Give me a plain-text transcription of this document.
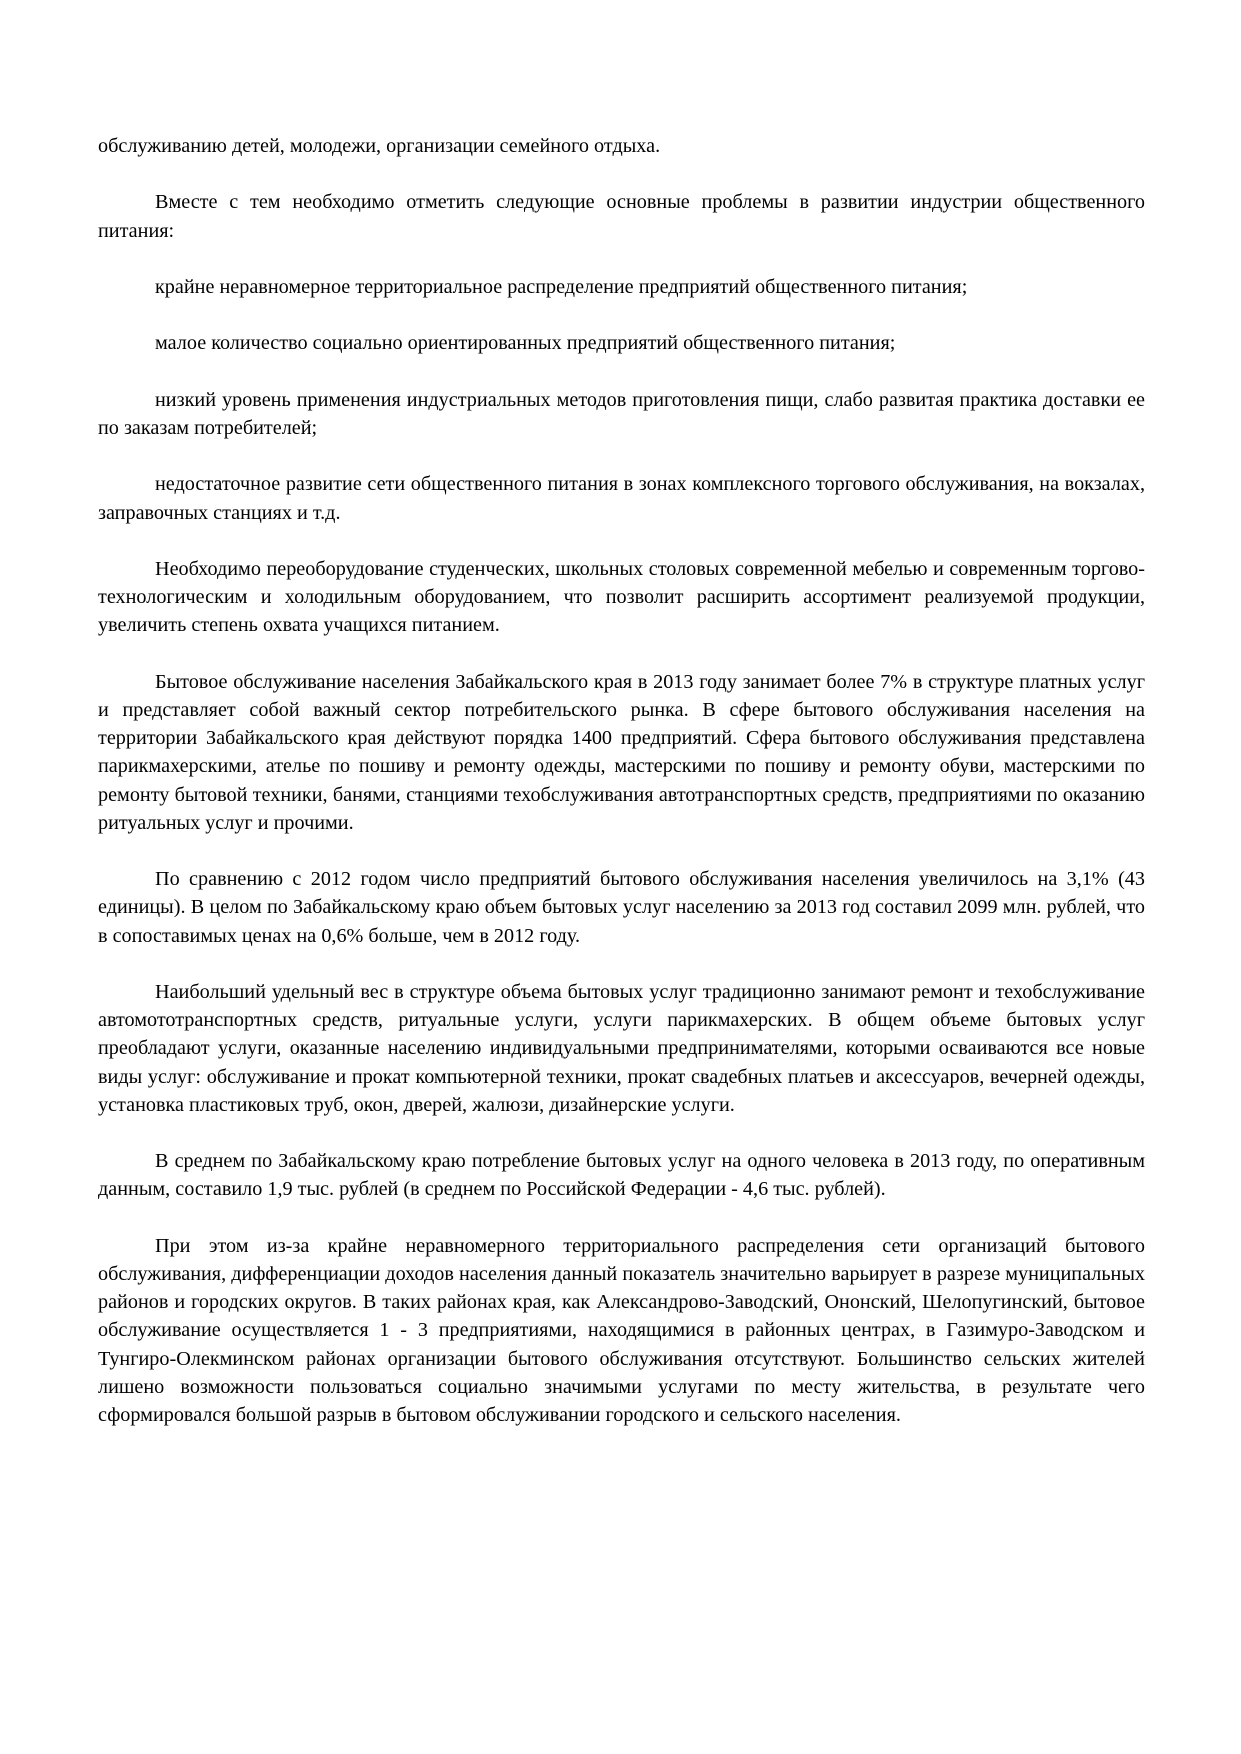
обслуживанию детей, молодежи, организации семейного отдыха.

Вместе с тем необходимо отметить следующие основные проблемы в развитии индустрии общественного питания:

крайне неравномерное территориальное распределение предприятий общественного питания;

малое количество социально ориентированных предприятий общественного питания;

низкий уровень применения индустриальных методов приготовления пищи, слабо развитая практика доставки ее по заказам потребителей;

недостаточное развитие сети общественного питания в зонах комплексного торгового обслуживания, на вокзалах, заправочных станциях и т.д.

Необходимо переоборудование студенческих, школьных столовых современной мебелью и современным торгово-технологическим и холодильным оборудованием, что позволит расширить ассортимент реализуемой продукции, увеличить степень охвата учащихся питанием.

Бытовое обслуживание населения Забайкальского края в 2013 году занимает более 7% в структуре платных услуг и представляет собой важный сектор потребительского рынка. В сфере бытового обслуживания населения на территории Забайкальского края действуют порядка 1400 предприятий. Сфера бытового обслуживания представлена парикмахерскими, ателье по пошиву и ремонту одежды, мастерскими по пошиву и ремонту обуви, мастерскими по ремонту бытовой техники, банями, станциями техобслуживания автотранспортных средств, предприятиями по оказанию ритуальных услуг и прочими.

По сравнению с 2012 годом число предприятий бытового обслуживания населения увеличилось на 3,1% (43 единицы). В целом по Забайкальскому краю объем бытовых услуг населению за 2013 год составил 2099 млн. рублей, что в сопоставимых ценах на 0,6% больше, чем в 2012 году.

Наибольший удельный вес в структуре объема бытовых услуг традиционно занимают ремонт и техобслуживание автомототранспортных средств, ритуальные услуги, услуги парикмахерских. В общем объеме бытовых услуг преобладают услуги, оказанные населению индивидуальными предпринимателями, которыми осваиваются все новые виды услуг: обслуживание и прокат компьютерной техники, прокат свадебных платьев и аксессуаров, вечерней одежды, установка пластиковых труб, окон, дверей, жалюзи, дизайнерские услуги.

В среднем по Забайкальскому краю потребление бытовых услуг на одного человека в 2013 году, по оперативным данным, составило 1,9 тыс. рублей (в среднем по Российской Федерации - 4,6 тыс. рублей).

При этом из-за крайне неравномерного территориального распределения сети организаций бытового обслуживания, дифференциации доходов населения данный показатель значительно варьирует в разрезе муниципальных районов и городских округов. В таких районах края, как Александрово-Заводский, Ононский, Шелопугинский, бытовое обслуживание осуществляется 1 - 3 предприятиями, находящимися в районных центрах, в Газимуро-Заводском и Тунгиро-Олекминском районах организации бытового обслуживания отсутствуют. Большинство сельских жителей лишено возможности пользоваться социально значимыми услугами по месту жительства, в результате чего сформировался большой разрыв в бытовом обслуживании городского и сельского населения.
